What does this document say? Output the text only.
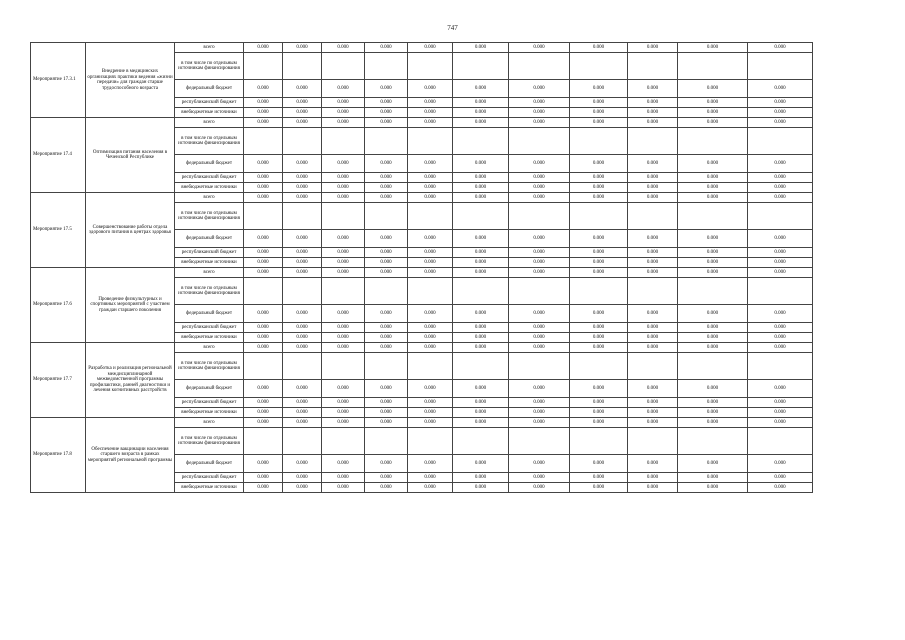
747
Мероприятие 17.3.1	Внедрение в медицинских организациях практики ведения «жизни передачи» для граждан старше трудоспособного возраста	всего	0.000	0.000	0.000	0.000	0.000	0.000	0.000	0.000	0.000	0.000	0.000
		в том числе по отдельным источникам финансирования											
		федеральный бюджет	0.000	0.000	0.000	0.000	0.000	0.000	0.000	0.000	0.000	0.000	0.000
		республиканский бюджет	0.000	0.000	0.000	0.000	0.000	0.000	0.000	0.000	0.000	0.000	0.000
		внебюджетные источники	0.000	0.000	0.000	0.000	0.000	0.000	0.000	0.000	0.000	0.000	0.000
Мероприятие 17.4	Оптимизация питания населения в Чеченской Республике	всего	0.000	0.000	0.000	0.000	0.000	0.000	0.000	0.000	0.000	0.000	0.000
		в том числе по отдельным источникам финансирования											
		федеральный бюджет	0.000	0.000	0.000	0.000	0.000	0.000	0.000	0.000	0.000	0.000	0.000
		республиканский бюджет	0.000	0.000	0.000	0.000	0.000	0.000	0.000	0.000	0.000	0.000	0.000
		внебюджетные источники	0.000	0.000	0.000	0.000	0.000	0.000	0.000	0.000	0.000	0.000	0.000
Мероприятие 17.5	Совершенствование работы отдела здорового питания в центрах здоровья	всего	0.000	0.000	0.000	0.000	0.000	0.000	0.000	0.000	0.000	0.000	0.000
		в том числе по отдельным источникам финансирования											
		федеральный бюджет	0.000	0.000	0.000	0.000	0.000	0.000	0.000	0.000	0.000	0.000	0.000
		республиканский бюджет	0.000	0.000	0.000	0.000	0.000	0.000	0.000	0.000	0.000	0.000	0.000
		внебюджетные источники	0.000	0.000	0.000	0.000	0.000	0.000	0.000	0.000	0.000	0.000	0.000
Мероприятие 17.6	Проведение физкультурных и спортивных мероприятий с участием граждан старшего поколения	всего	0.000	0.000	0.000	0.000	0.000	0.000	0.000	0.000	0.000	0.000	0.000
		в том числе по отдельным источникам финансирования											
		федеральный бюджет	0.000	0.000	0.000	0.000	0.000	0.000	0.000	0.000	0.000	0.000	0.000
		республиканский бюджет	0.000	0.000	0.000	0.000	0.000	0.000	0.000	0.000	0.000	0.000	0.000
		внебюджетные источники	0.000	0.000	0.000	0.000	0.000	0.000	0.000	0.000	0.000	0.000	0.000
Мероприятие 17.7	Разработка и реализация региональной междисциплинарной межведомственной программы профилактики, ранней диагностики и лечения когнитивных расстройств	всего	0.000	0.000	0.000	0.000	0.000	0.000	0.000	0.000	0.000	0.000	0.000
		в том числе по отдельным источникам финансирования											
		федеральный бюджет	0.000	0.000	0.000	0.000	0.000	0.000	0.000	0.000	0.000	0.000	0.000
		республиканский бюджет	0.000	0.000	0.000	0.000	0.000	0.000	0.000	0.000	0.000	0.000	0.000
		внебюджетные источники	0.000	0.000	0.000	0.000	0.000	0.000	0.000	0.000	0.000	0.000	0.000
Мероприятие 17.8	Обеспечение вакцинации населения старшего возраста в рамках мероприятий региональной программы	всего	0.000	0.000	0.000	0.000	0.000	0.000	0.000	0.000	0.000	0.000	0.000
		в том числе по отдельным источникам финансирования											
		федеральный бюджет	0.000	0.000	0.000	0.000	0.000	0.000	0.000	0.000	0.000	0.000	0.000
		республиканский бюджет	0.000	0.000	0.000	0.000	0.000	0.000	0.000	0.000	0.000	0.000	0.000
		внебюджетные источники	0.000	0.000	0.000	0.000	0.000	0.000	0.000	0.000	0.000	0.000	0.000
